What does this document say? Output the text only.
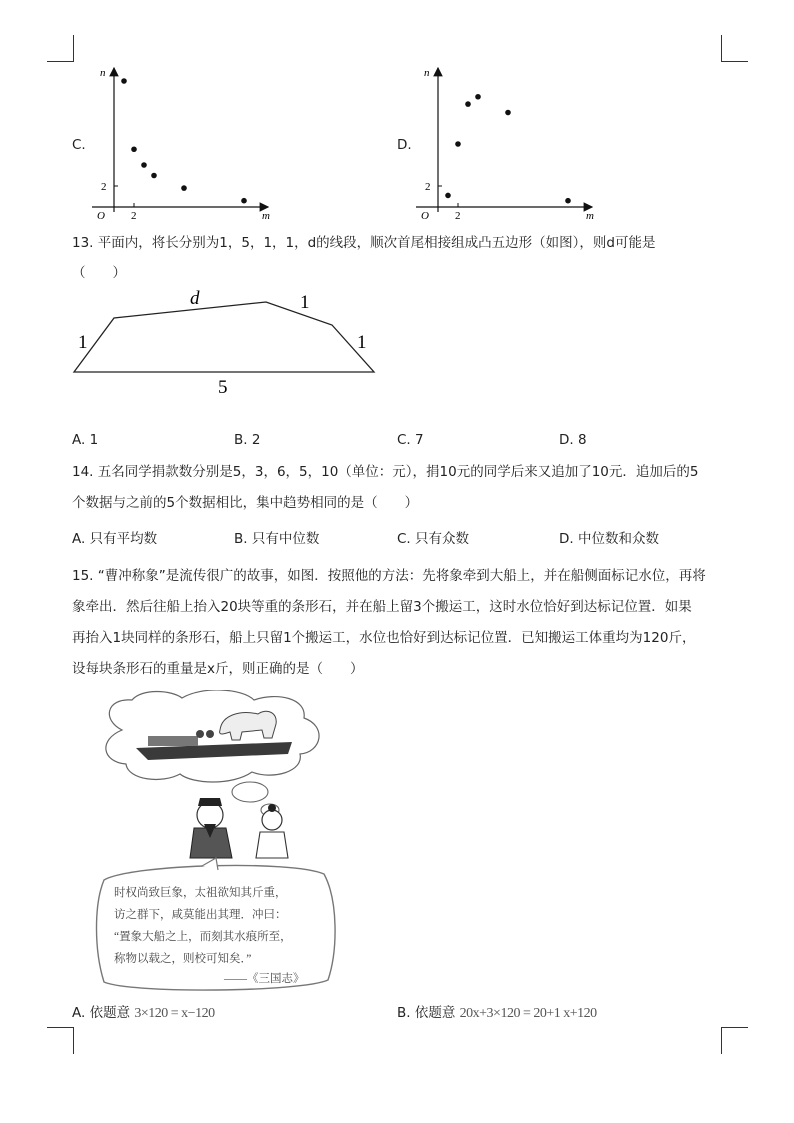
C.
n
m
O 2
2
D.
n
m
O 2
2
13. 平面内，将长分别为1，5，1，1，d的线段，顺次首尾相接组成凸五边形（如图），则d可能是
（　　）
d	1
1	1
5
A. 1	B. 2	C. 7	D. 8
14. 五名同学捐款数分别是5，3，6，5，10（单位：元），捐10元的同学后来又追加了10元．追加后的5
个数据与之前的5个数据相比，集中趋势相同的是（　　）
A. 只有平均数	B. 只有中位数	C. 只有众数	D. 中位数和众数
15. “曹冲称象”是流传很广的故事，如图．按照他的方法：先将象牵到大船上，并在船侧面标记水位，再将
象牵出．然后往船上抬入20块等重的条形石，并在船上留3个搬运工，这时水位恰好到达标记位置．如果
再抬入1块同样的条形石，船上只留1个搬运工，水位也恰好到达标记位置．已知搬运工体重均为120斤，
设每块条形石的重量是x斤，则正确的是（　　）
时权尚致巨象，太祖欲知其斤重，
访之群下，咸莫能出其理．冲曰：
“置象大船之上，而刻其水痕所至，
称物以载之，则校可知矣．”
——《三国志》
A. 依题意 3×120 = x−120	B. 依题意 20x+3×120 = 20+1 x+120
